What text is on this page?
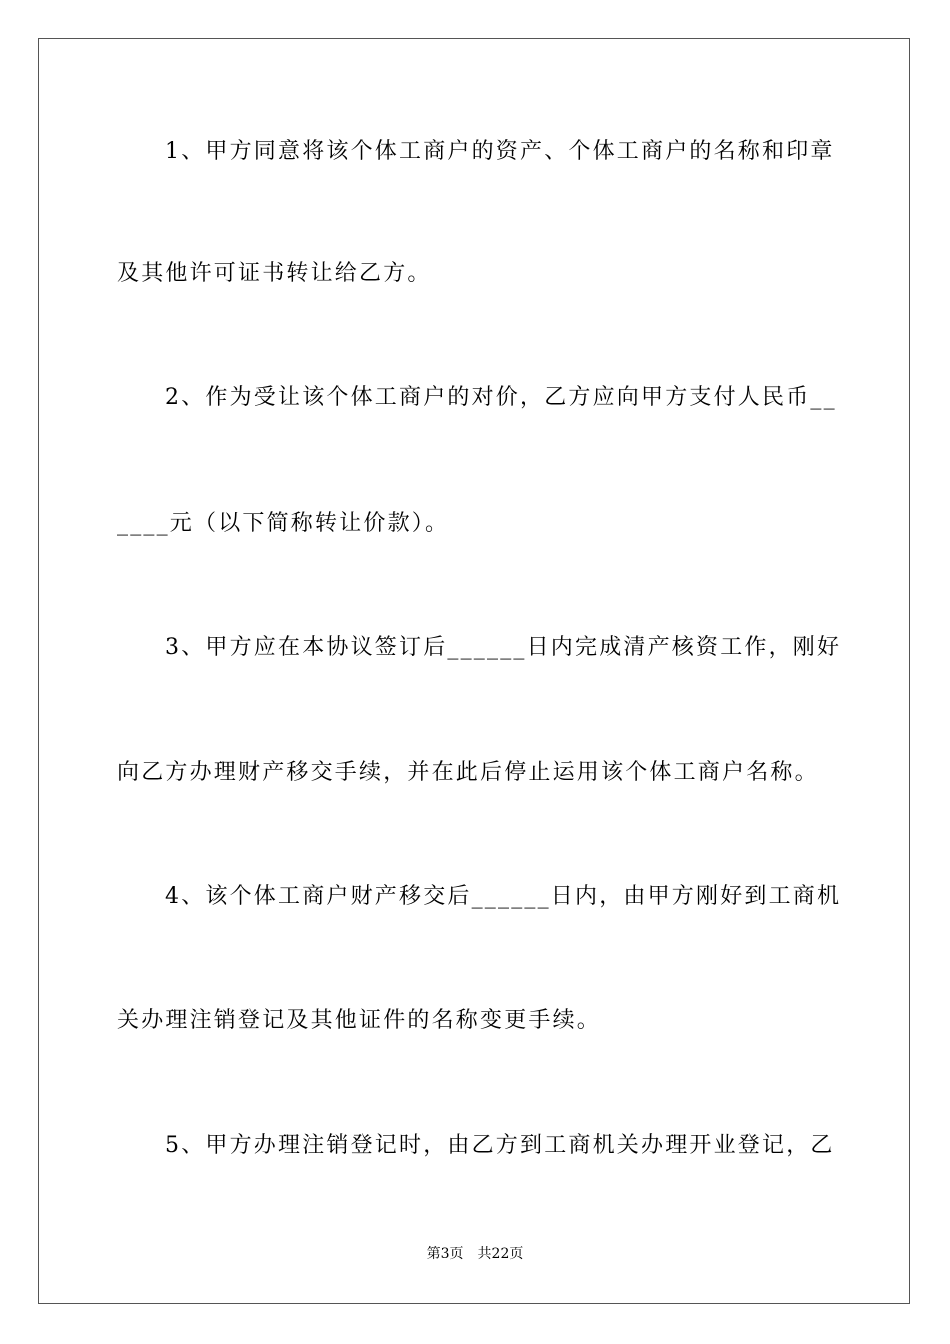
1、甲方同意将该个体工商户的资产、个体工商户的名称和印章
及其他许可证书转让给乙方。
2、作为受让该个体工商户的对价，乙方应向甲方支付人民币__
____元（以下简称转让价款）。
3、甲方应在本协议签订后______日内完成清产核资工作，刚好
向乙方办理财产移交手续，并在此后停止运用该个体工商户名称。
4、该个体工商户财产移交后______日内，由甲方刚好到工商机
关办理注销登记及其他证件的名称变更手续。
5、甲方办理注销登记时，由乙方到工商机关办理开业登记，乙
第3页 共22页
